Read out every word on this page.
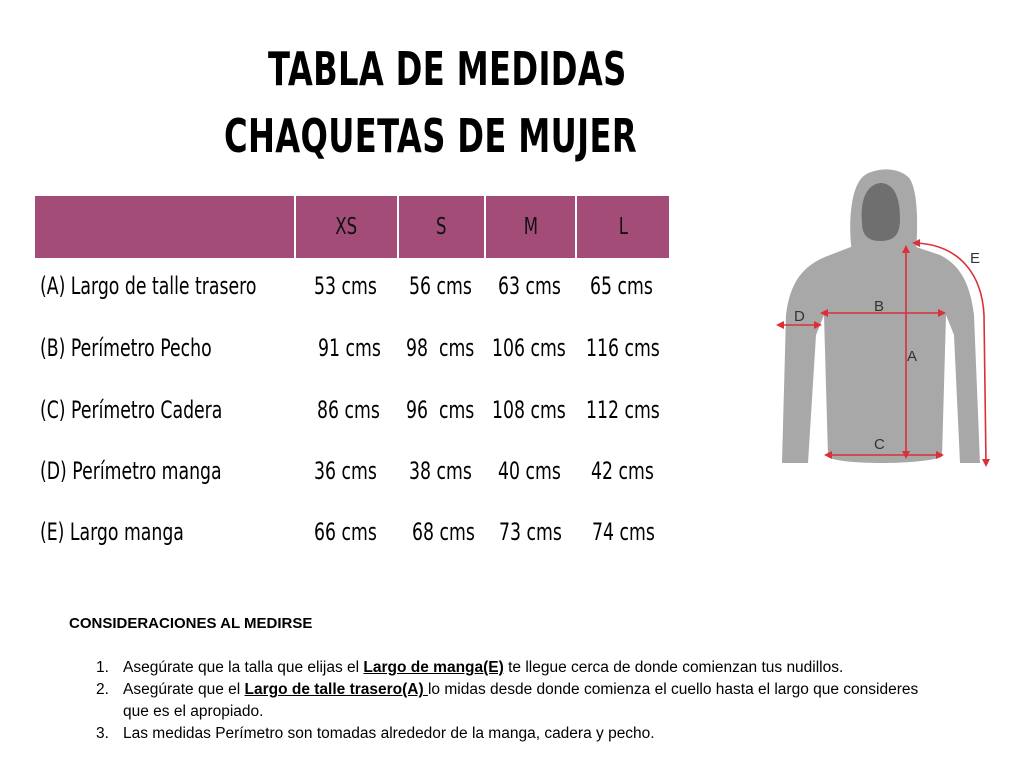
TABLA DE MEDIDAS
CHAQUETAS DE MUJER
XS	S	M	L
(A) Largo de talle trasero 53 cms 56 cms 63 cms 65 cms
(B) Perímetro Pecho	91 cms 98  cms 106 cms 116 cms
(C) Perímetro Cadera	86 cms 96  cms 108 cms 112 cms
(D) Perímetro manga	36 cms 38 cms 40 cms 42 cms
(E) Largo manga	66 cms 68 cms 73 cms 74 cms
A
B
C
D
E
CONSIDERACIONES AL MEDIRSE
1. Asegúrate que la talla que elijas el Largo de manga(E) te llegue cerca de donde comienzan tus nudillos.
2. Asegúrate que el Largo de talle trasero(A) lo midas desde donde comienza el cuello hasta el largo que consideres
que es el apropiado.
3. Las medidas Perímetro son tomadas alrededor de la manga, cadera y pecho.
